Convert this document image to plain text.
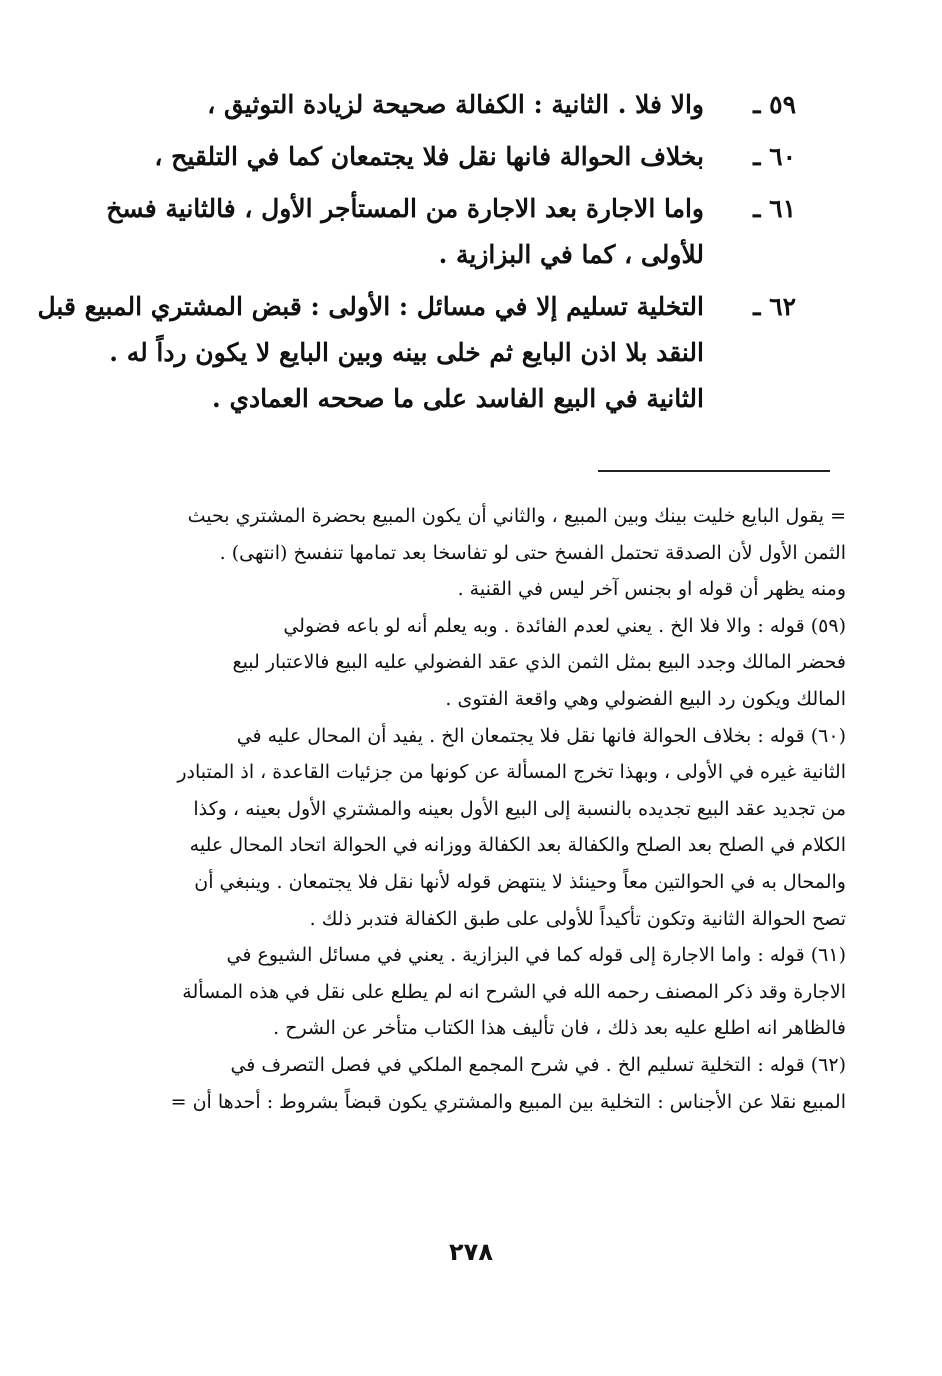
٥٩ ـ
والا فلا . الثانية : الكفالة صحيحة لزيادة التوثيق ،
٦٠ ـ
بخلاف الحوالة فانها نقل فلا يجتمعان كما في التلقيح ،
٦١ ـ
واما الاجارة بعد الاجارة من المستأجر الأول ، فالثانية فسخ
للأولى ، كما في البزازية .
٦٢ ـ
التخلية تسليم إلا في مسائل : الأولى : قبض المشتري المبيع قبل
النقد بلا اذن البايع ثم خلى بينه وبين البايع لا يكون رداً له .
الثانية في البيع الفاسد على ما صححه العمادي .
= يقول البايع خليت بينك وبين المبيع ، والثاني أن يكون المبيع بحضرة المشتري بحيث
الثمن الأول لأن الصدقة تحتمل الفسخ حتى لو تفاسخا بعد تمامها تنفسخ (انتهى) .
ومنه يظهر أن قوله او بجنس آخر ليس في القنية .
(٥٩) قوله : والا فلا الخ . يعني لعدم الفائدة . وبه يعلم أنه لو باعه فضولي
فحضر المالك وجدد البيع بمثل الثمن الذي عقد الفضولي عليه البيع فالاعتبار لبيع
المالك ويكون رد البيع الفضولي وهي واقعة الفتوى .
(٦٠) قوله : بخلاف الحوالة فانها نقل فلا يجتمعان الخ . يفيد أن المحال عليه في
الثانية غيره في الأولى ، وبهذا تخرج المسألة عن كونها من جزئيات القاعدة ، اذ المتبادر
من تجديد عقد البيع تجديده بالنسبة إلى البيع الأول بعينه والمشتري الأول بعينه ، وكذا
الكلام في الصلح بعد الصلح والكفالة بعد الكفالة ووزانه في الحوالة اتحاد المحال عليه
والمحال به في الحوالتين معاً وحينئذ لا ينتهض قوله لأنها نقل فلا يجتمعان . وينبغي أن
تصح الحوالة الثانية وتكون تأكيداً للأولى على طبق الكفالة فتدبر ذلك .
(٦١) قوله : واما الاجارة إلى قوله كما في البزازية . يعني في مسائل الشيوع في
الاجارة وقد ذكر المصنف رحمه الله في الشرح انه لم يطلع على نقل في هذه المسألة
فالظاهر انه اطلع عليه بعد ذلك ، فان تأليف هذا الكتاب متأخر عن الشرح .
(٦٢) قوله : التخلية تسليم الخ . في شرح المجمع الملكي في فصل التصرف في
المبيع نقلا عن الأجناس : التخلية بين المبيع والمشتري يكون قبضاً بشروط : أحدها أن =
٢٧٨
